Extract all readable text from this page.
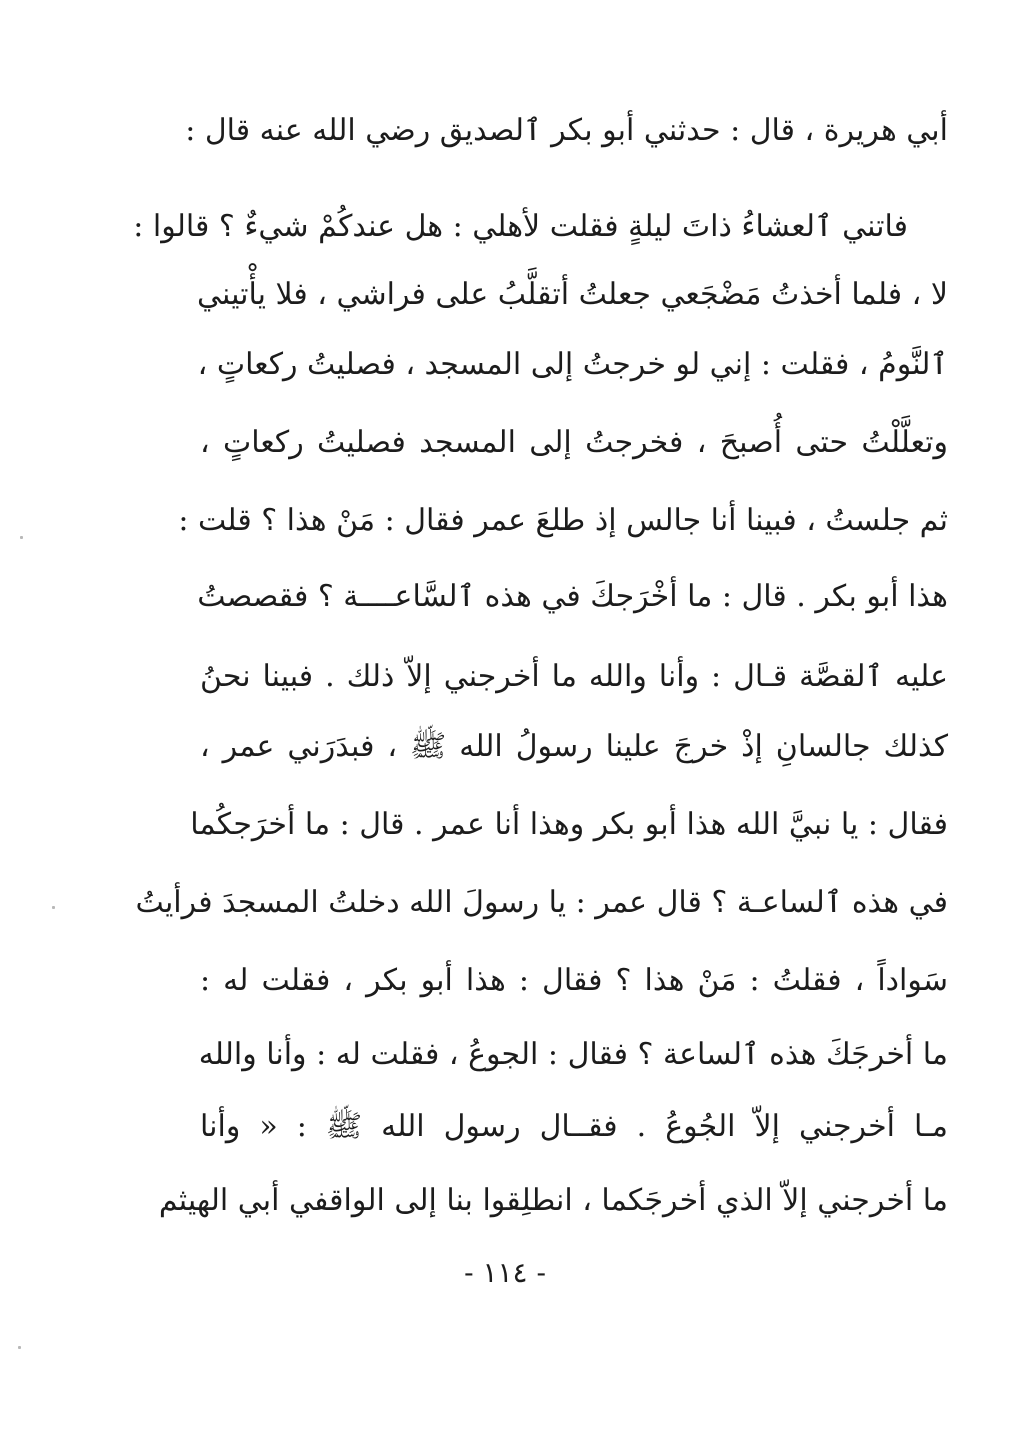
أبي هريرة ، قال : حدثني أبو بكر ٱلصديق رضي الله عنه قال :
فاتني ٱلعشاءُ ذاتَ ليلةٍ فقلت لأهلي : هل عندكُمْ شيءٌ ؟ قالوا :
لا ، فلما أخذتُ مَضْجَعي جعلتُ أتقلَّبُ على فراشي ، فلا يأْتيني
ٱلنَّومُ ، فقلت : إني لو خرجتُ إلى المسجد ، فصليتُ ركعاتٍ ،
وتعلَّلْتُ حتى أُصبحَ ، فخرجتُ إلى المسجد فصليتُ ركعاتٍ ،
ثم جلستُ ، فبينا أنا جالس إذ طلعَ عمر فقال : مَنْ هذا ؟ قلت :
هذا أبو بكر . قال : ما أخْرَجكَ في هذه ٱلسَّاعــــة ؟ فقصصتُ
عليه ٱلقصَّة قـال : وأنا والله ما أخرجني إلاّ ذلك . فبينا نحنُ
كذلك جالسانِ إذْ خرجَ علينا رسولُ الله ﷺ ، فبدَرَني عمر ،
فقال : يا نبيَّ الله هذا أبو بكر وهذا أنا عمر . قال : ما أخرَجكُما
في هذه ٱلساعـة ؟ قال عمر : يا رسولَ الله دخلتُ المسجدَ فرأيتُ
سَواداً ، فقلتُ : مَنْ هذا ؟ فقال : هذا أبو بكر ، فقلت له :
ما أخرجَكَ هذه ٱلساعة ؟ فقال : الجوعُ ، فقلت له : وأنا والله
مـا أخرجني إلاّ الجُوعُ . فقــال رسول الله ﷺ : « وأنا
ما أخرجني إلاّ الذي أخرجَكما ، انطلِقوا بنا إلى الواقفي أبي الهيثم
- ١١٤ -
